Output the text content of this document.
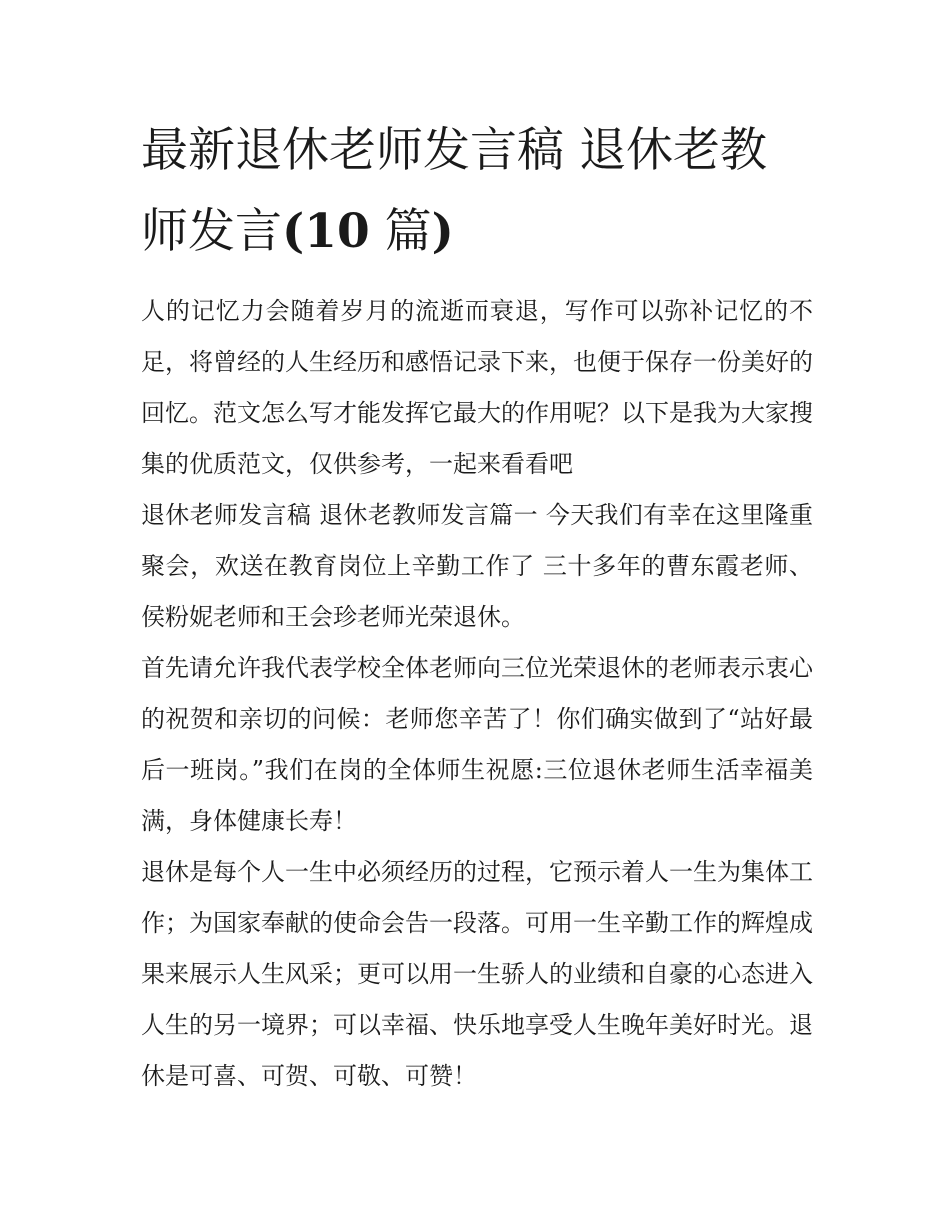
最新退休老师发言稿 退休老教师发言(10 篇)

人的记忆力会随着岁月的流逝而衰退，写作可以弥补记忆的不足，将曾经的人生经历和感悟记录下来，也便于保存一份美好的回忆。范文怎么写才能发挥它最大的作用呢？以下是我为大家搜集的优质范文，仅供参考，一起来看看吧

退休老师发言稿 退休老教师发言篇一 今天我们有幸在这里隆重聚会，欢送在教育岗位上辛勤工作了 三十多年的曹东霞老师、侯粉妮老师和王会珍老师光荣退休。

首先请允许我代表学校全体老师向三位光荣退休的老师表示衷心的祝贺和亲切的问候：老师您辛苦了！你们确实做到了“站好最后一班岗。”我们在岗的全体师生祝愿:三位退休老师生活幸福美满，身体健康长寿！

退休是每个人一生中必须经历的过程，它预示着人一生为集体工作；为国家奉献的使命会告一段落。可用一生辛勤工作的辉煌成果来展示人生风采；更可以用一生骄人的业绩和自豪的心态进入人生的另一境界；可以幸福、快乐地享受人生晚年美好时光。退休是可喜、可贺、可敬、可赞！
